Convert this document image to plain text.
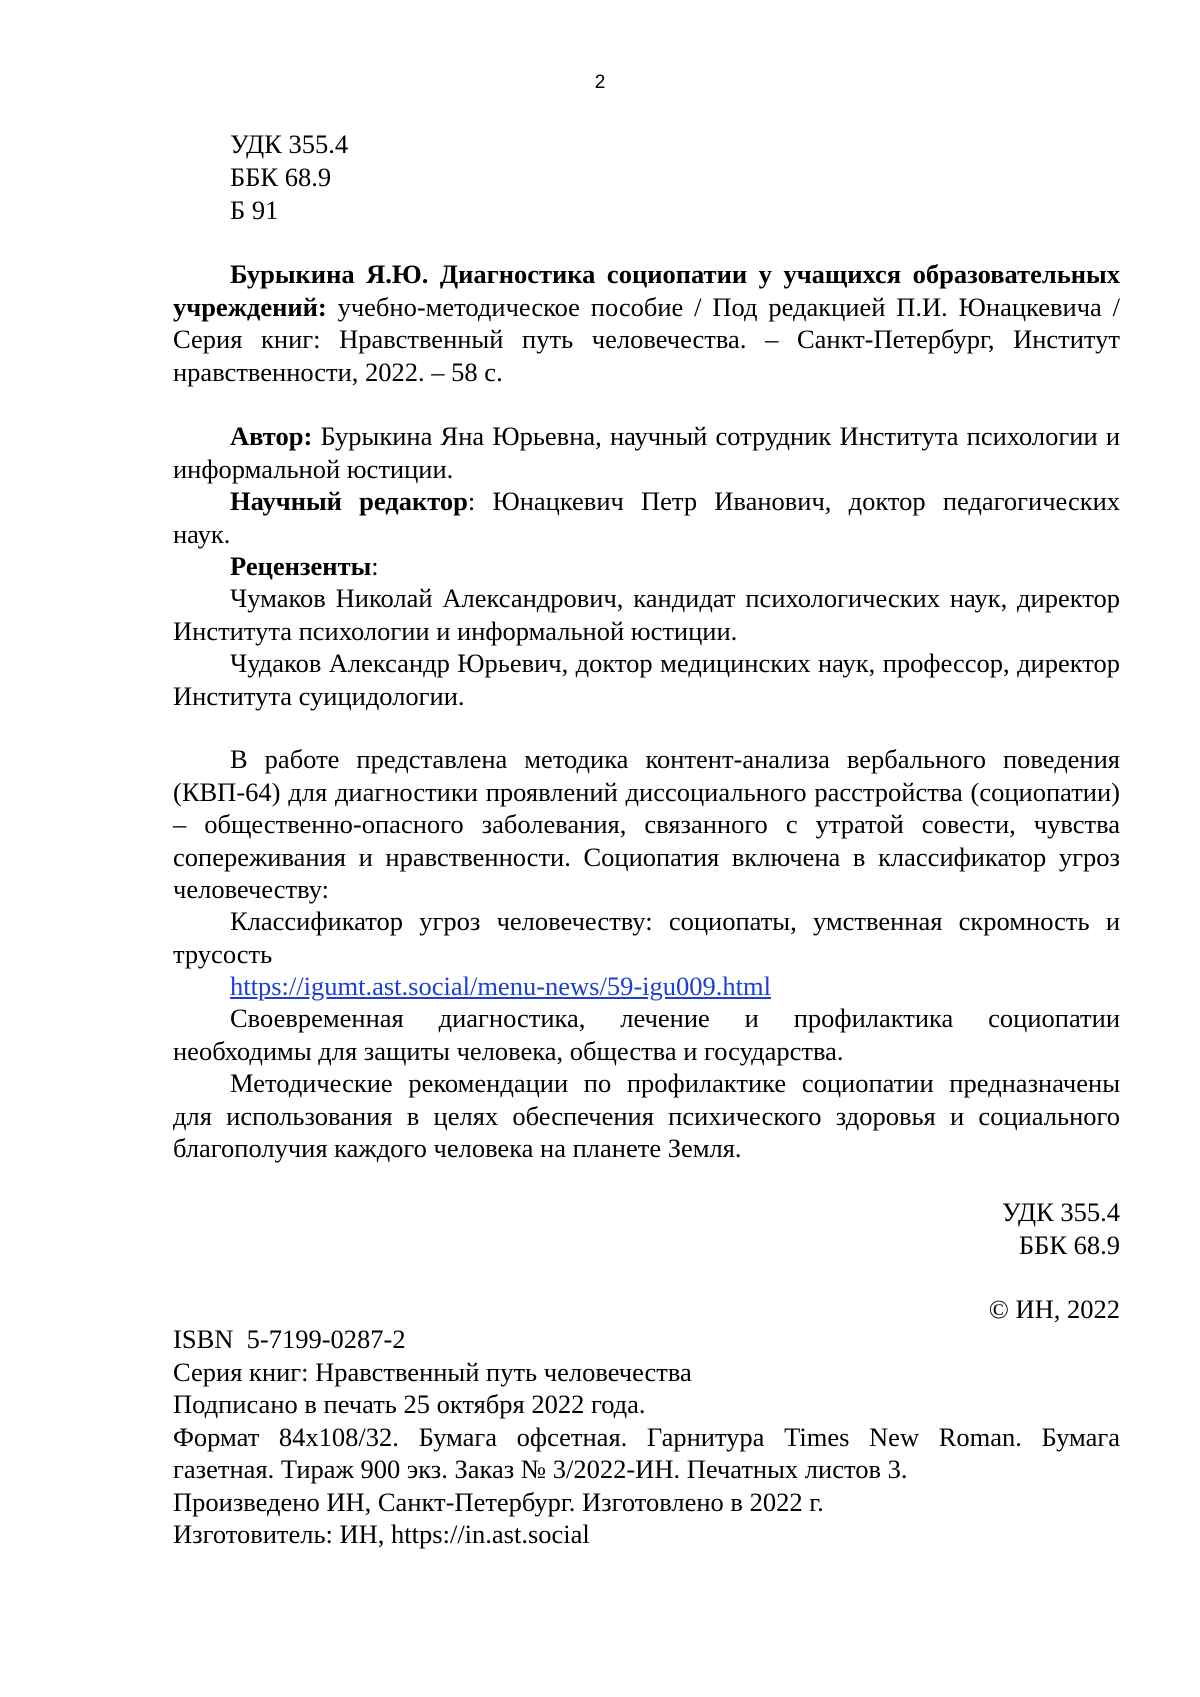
2
УДК 355.4
ББК 68.9
Б 91

Бурыкина Я.Ю. Диагностика социопатии у учащихся образовательных учреждений: учебно-методическое пособие / Под редакцией П.И. Юнацкевича / Серия книг: Нравственный путь человечества. – Санкт-Петербург, Институт нравственности, 2022. – 58 с.

Автор: Бурыкина Яна Юрьевна, научный сотрудник Института психологии и информальной юстиции.

Научный редактор: Юнацкевич Петр Иванович, доктор педагогических наук.

Рецензенты:

Чумаков Николай Александрович, кандидат психологических наук, директор Института психологии и информальной юстиции.

Чудаков Александр Юрьевич, доктор медицинских наук, профессор, директор Института суицидологии.

В работе представлена методика контент-анализа вербального поведения (КВП-64) для диагностики проявлений диссоциального расстройства (социопатии) – общественно-опасного заболевания, связанного с утратой совести, чувства сопереживания и нравственности. Социопатия включена в классификатор угроз человечеству:

Классификатор угроз человечеству: социопаты, умственная скромность и трусость

https://igumt.ast.social/menu-news/59-igu009.html

Своевременная диагностика, лечение и профилактика социопатии необходимы для защиты человека, общества и государства.

Методические рекомендации по профилактике социопатии предназначены для использования в целях обеспечения психического здоровья и социального благополучия каждого человека на планете Земля.

УДК 355.4
ББК 68.9
© ИН, 2022

ISBN  5-7199-0287-2

Серия книг: Нравственный путь человечества

Подписано в печать 25 октября 2022 года.

Формат 84х108/32. Бумага офсетная. Гарнитура Times New Roman. Бумага газетная. Тираж 900 экз. Заказ № 3/2022-ИН. Печатных листов 3.

Произведено ИН, Санкт-Петербург. Изготовлено в 2022 г.

Изготовитель: ИН, https://in.ast.social
